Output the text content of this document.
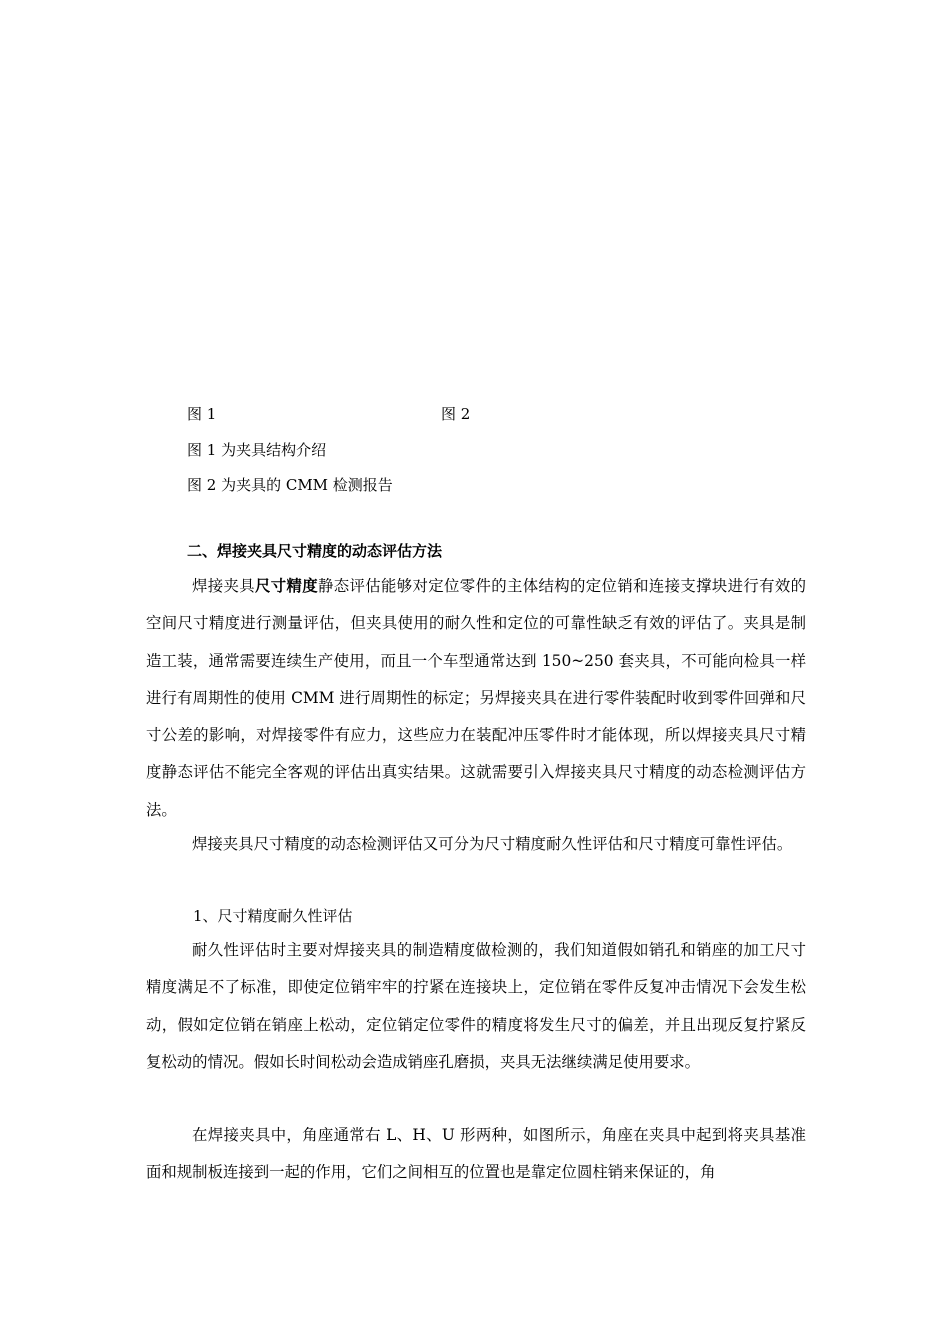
图 1	图 2
图 1 为夹具结构介绍
图 2 为夹具的 CMM 检测报告
二、焊接夹具尺寸精度的动态评估方法

焊接夹具尺寸精度静态评估能够对定位零件的主体结构的定位销和连接支撑块进行有效的空间尺寸精度进行测量评估，但夹具使用的耐久性和定位的可靠性缺乏有效的评估了。夹具是制造工装，通常需要连续生产使用，而且一个车型通常达到 150~250 套夹具，不可能向检具一样进行有周期性的使用 CMM 进行周期性的标定；另焊接夹具在进行零件装配时收到零件回弹和尺寸公差的影响，对焊接零件有应力，这些应力在装配冲压零件时才能体现，所以焊接夹具尺寸精度静态评估不能完全客观的评估出真实结果。这就需要引入焊接夹具尺寸精度的动态检测评估方法。

焊接夹具尺寸精度的动态检测评估又可分为尺寸精度耐久性评估和尺寸精度可靠性评估。

1、尺寸精度耐久性评估

耐久性评估时主要对焊接夹具的制造精度做检测的，我们知道假如销孔和销座的加工尺寸精度满足不了标准，即使定位销牢牢的拧紧在连接块上，定位销在零件反复冲击情况下会发生松动，假如定位销在销座上松动，定位销定位零件的精度将发生尺寸的偏差，并且出现反复拧紧反复松动的情况。假如长时间松动会造成销座孔磨损，夹具无法继续满足使用要求。

在焊接夹具中，角座通常右 L、H、U 形两种，如图所示，角座在夹具中起到将夹具基准面和规制板连接到一起的作用，它们之间相互的位置也是靠定位圆柱销来保证的，角
